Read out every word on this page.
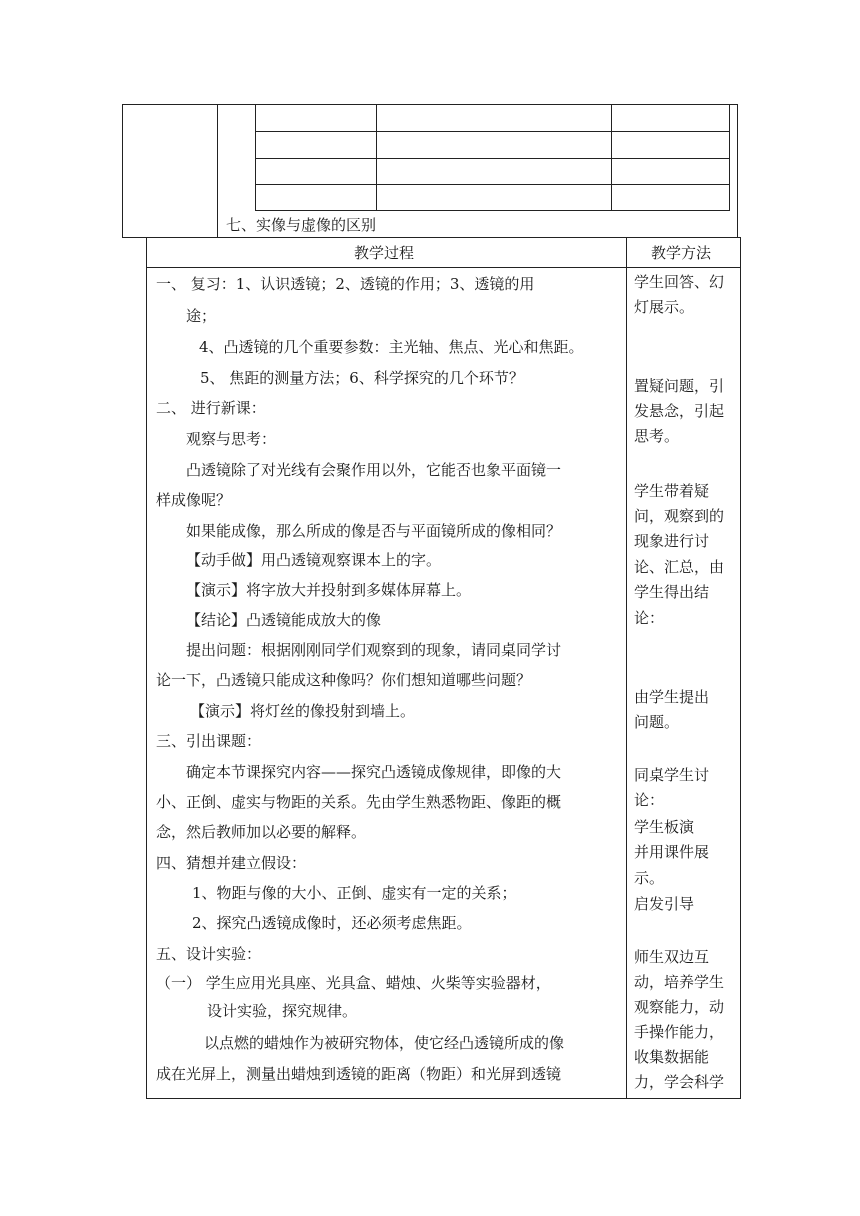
七、实像与虚像的区别
教学过程	教学方法
一、 复习：1、认识透镜；2、透镜的作用；3、透镜的用
途；
4、凸透镜的几个重要参数：主光轴、焦点、光心和焦距。
5、 焦距的测量方法；6、科学探究的几个环节？
二、 进行新课：
观察与思考：
凸透镜除了对光线有会聚作用以外，它能否也象平面镜一
样成像呢？
如果能成像，那么所成的像是否与平面镜所成的像相同？
【动手做】用凸透镜观察课本上的字。
【演示】将字放大并投射到多媒体屏幕上。
【结论】凸透镜能成放大的像
提出问题：根据刚刚同学们观察到的现象，请同桌同学讨
论一下，凸透镜只能成这种像吗？你们想知道哪些问题？
【演示】将灯丝的像投射到墙上。
三、引出课题：
确定本节课探究内容——探究凸透镜成像规律，即像的大
小、正倒、虚实与物距的关系。先由学生熟悉物距、像距的概
念，然后教师加以必要的解释。
四、猜想并建立假设：
1、物距与像的大小、正倒、虚实有一定的关系；
2、探究凸透镜成像时，还必须考虑焦距。
五、设计实验：
（一） 学生应用光具座、光具盒、蜡烛、火柴等实验器材，
设计实验，探究规律。
以点燃的蜡烛作为被研究物体，使它经凸透镜所成的像
成在光屏上，测量出蜡烛到透镜的距离（物距）和光屏到透镜
学生回答、幻
灯展示。
置疑问题，引
发悬念，引起
思考。
学生带着疑
问，观察到的
现象进行讨
论、汇总，由
学生得出结
论：
由学生提出
问题。
同桌学生讨
论：
学生板演
并用课件展
示。
启发引导
师生双边互
动，培养学生
观察能力，动
手操作能力，
收集数据能
力，学会科学
